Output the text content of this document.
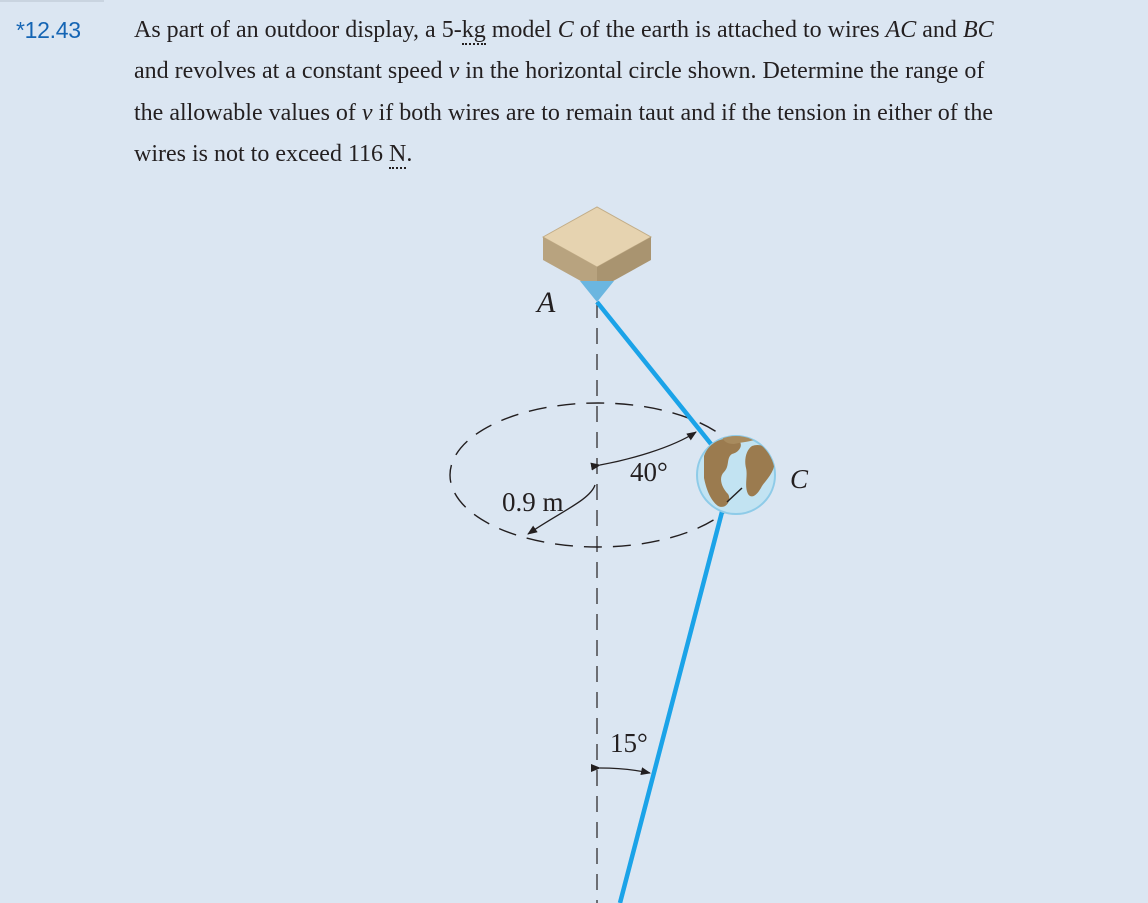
*12.43 As part of an outdoor display, a 5-kg model C of the earth is attached to wires AC and BC
and revolves at a constant speed v in the horizontal circle shown. Determine the range of
the allowable values of v if both wires are to remain taut and if the tension in either of the
wires is not to exceed 116 N.

A
C
40°
0.9 m
15°
